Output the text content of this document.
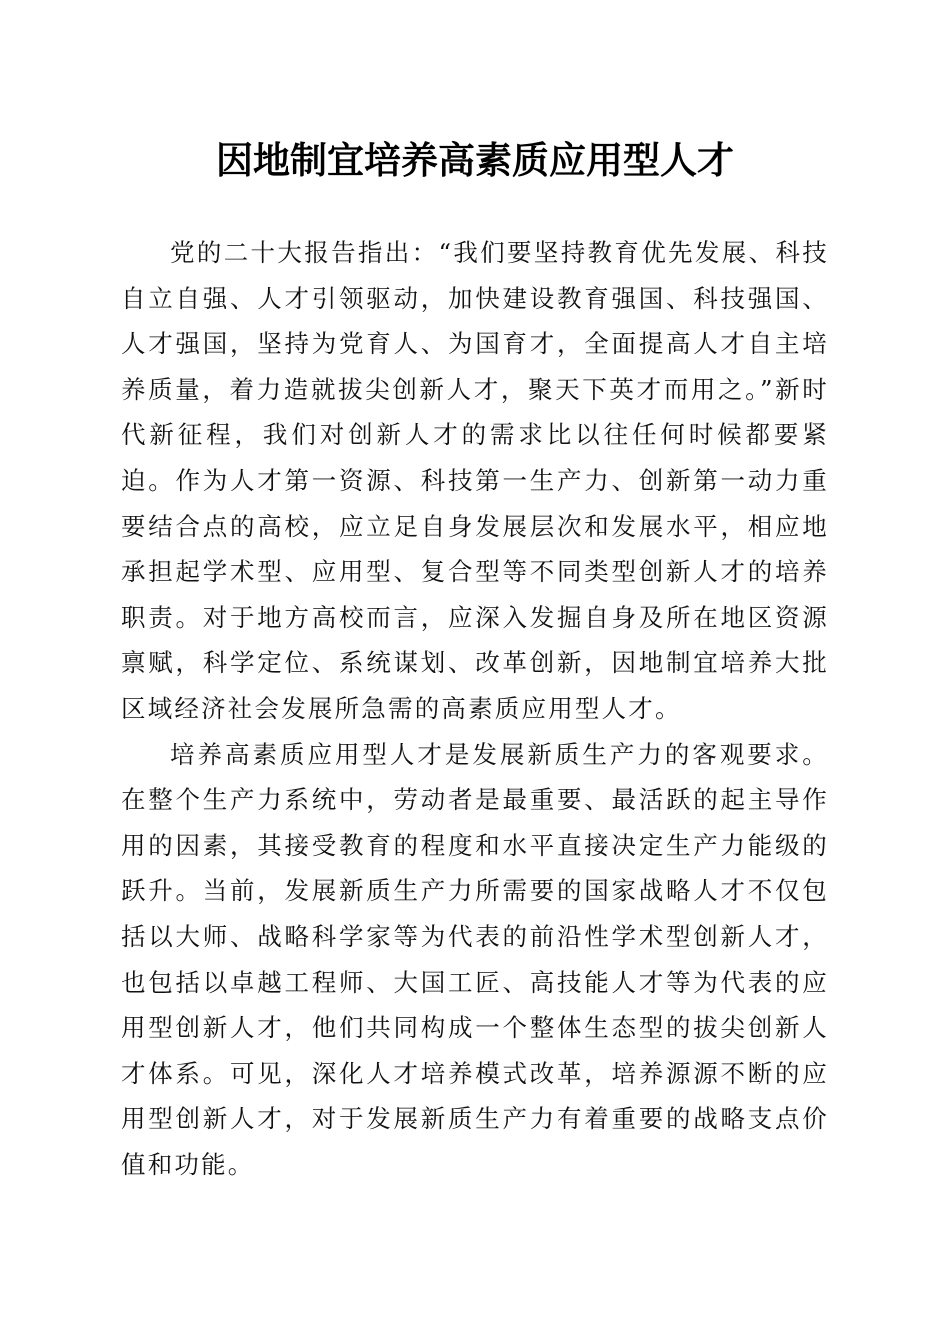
因地制宜培养高素质应用型人才

党的二十大报告指出：“我们要坚持教育优先发展、科技自立自强、人才引领驱动，加快建设教育强国、科技强国、人才强国，坚持为党育人、为国育才，全面提高人才自主培养质量，着力造就拔尖创新人才，聚天下英才而用之。”新时代新征程，我们对创新人才的需求比以往任何时候都要紧迫。作为人才第一资源、科技第一生产力、创新第一动力重要结合点的高校，应立足自身发展层次和发展水平，相应地承担起学术型、应用型、复合型等不同类型创新人才的培养职责。对于地方高校而言，应深入发掘自身及所在地区资源禀赋，科学定位、系统谋划、改革创新，因地制宜培养大批区域经济社会发展所急需的高素质应用型人才。

培养高素质应用型人才是发展新质生产力的客观要求。在整个生产力系统中，劳动者是最重要、最活跃的起主导作用的因素，其接受教育的程度和水平直接决定生产力能级的跃升。当前，发展新质生产力所需要的国家战略人才不仅包括以大师、战略科学家等为代表的前沿性学术型创新人才，也包括以卓越工程师、大国工匠、高技能人才等为代表的应用型创新人才，他们共同构成一个整体生态型的拔尖创新人才体系。可见，深化人才培养模式改革，培养源源不断的应用型创新人才，对于发展新质生产力有着重要的战略支点价值和功能。
